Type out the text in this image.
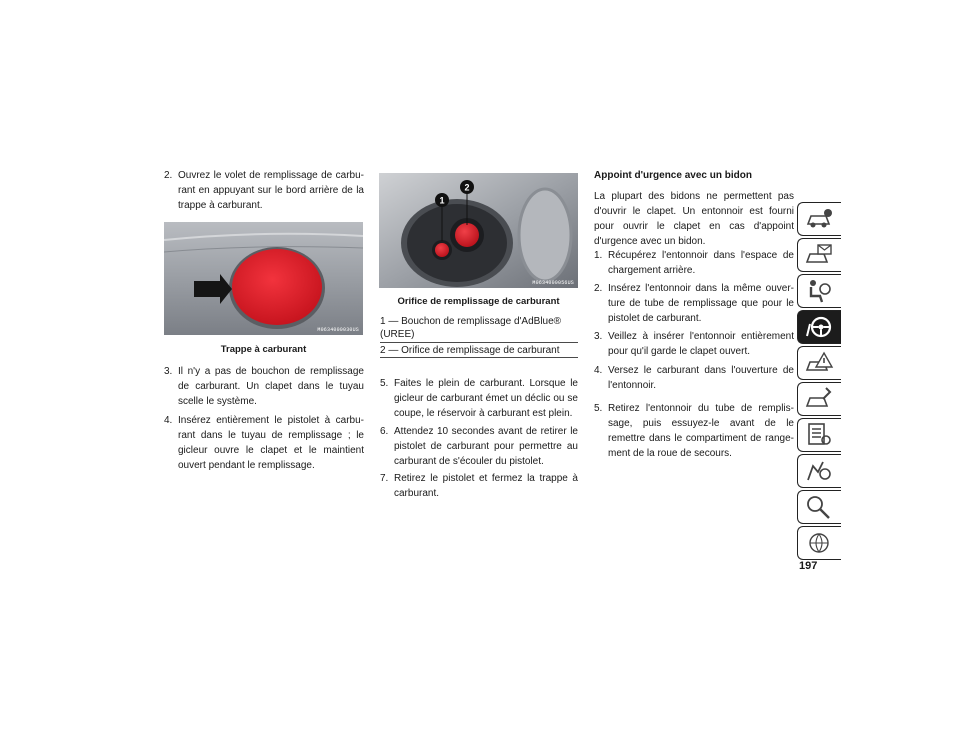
2. Ouvrez le volet de remplissage de carburant en appuyant sur le bord arrière de la trappe à carburant.
M0634000030US
Trappe à carburant
3. Il n'y a pas de bouchon de remplissage de carburant. Un clapet dans le tuyau scelle le système.
4. Insérez entièrement le pistolet à carburant dans le tuyau de remplissage ; le gicleur ouvre le clapet et le maintient ouvert pendant le remplissage.
1
2
M0634000056US
Orifice de remplissage de carburant
1 — Bouchon de remplissage d'AdBlue® (UREE)
2 — Orifice de remplissage de carburant
5. Faites le plein de carburant. Lorsque le gicleur de carburant émet un déclic ou se coupe, le réservoir à carburant est plein.
6. Attendez 10 secondes avant de retirer le pistolet de carburant pour permettre au carburant de s'écouler du pistolet.
7. Retirez le pistolet et fermez la trappe à carburant.
Appoint d'urgence avec un bidon
La plupart des bidons ne permettent pas d'ouvrir le clapet. Un entonnoir est fourni pour ouvrir le clapet en cas d'appoint d'urgence avec un bidon.
1. Récupérez l'entonnoir dans l'espace de chargement arrière.
2. Insérez l'entonnoir dans la même ouverture de tube de remplissage que pour le pistolet de carburant.
3. Veillez à insérer l'entonnoir entièrement pour qu'il garde le clapet ouvert.
4. Versez le carburant dans l'ouverture de l'entonnoir.
5. Retirez l'entonnoir du tube de remplissage, puis essuyez-le avant de le remettre dans le compartiment de rangement de la roue de secours.
197
